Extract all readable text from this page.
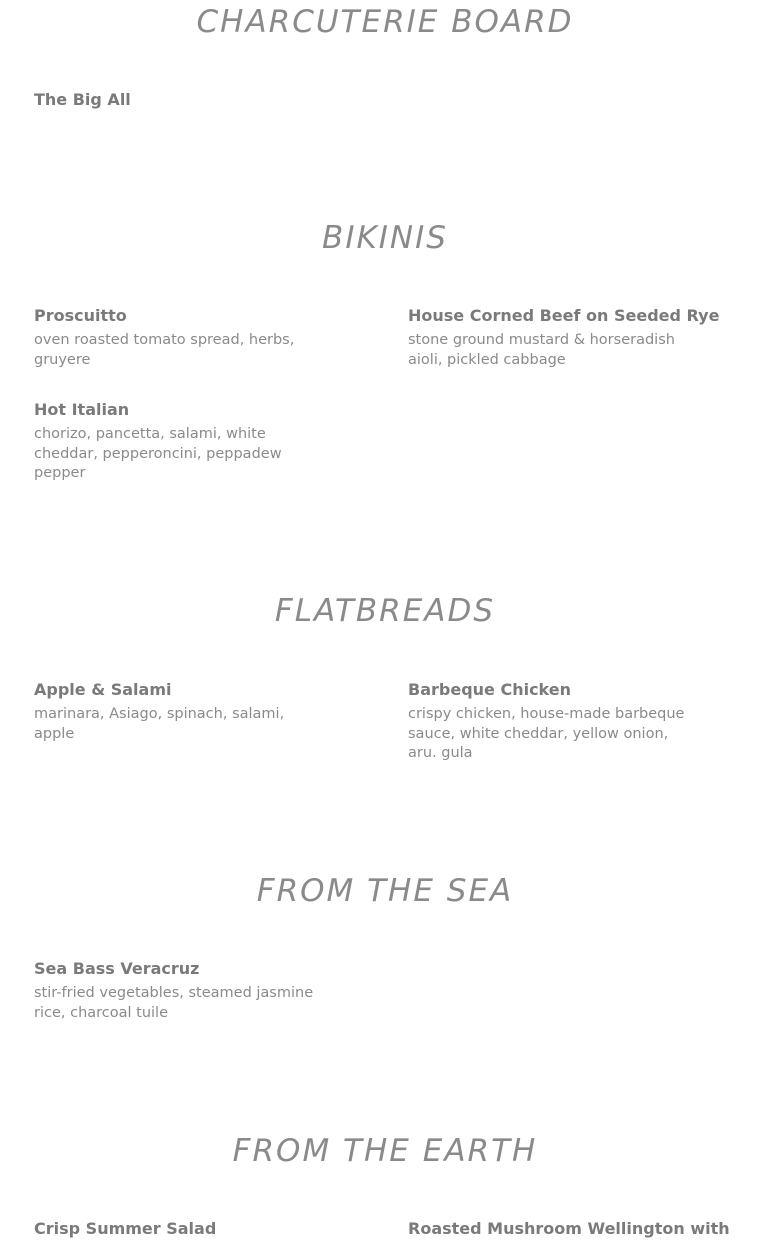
CHARCUTERIE BOARD
The Big All
BIKINIS
Proscuitto

oven roasted tomato spread, herbs, gruyere

House Corned Beef on Seeded Rye

stone ground mustard & horseradish aioli, pickled cabbage

Hot Italian

chorizo, pancetta, salami, white cheddar, pepperoncini, peppadew pepper

FLATBREADS
Apple & Salami

marinara, Asiago, spinach, salami, apple

Barbeque Chicken

crispy chicken, house-made barbeque sauce, white cheddar, yellow onion, aru. gula

FROM THE SEA
Sea Bass Veracruz

stir-fried vegetables, steamed jasmine rice, charcoal tuile

FROM THE EARTH
Crisp Summer Salad	Roasted Mushroom Wellington with
